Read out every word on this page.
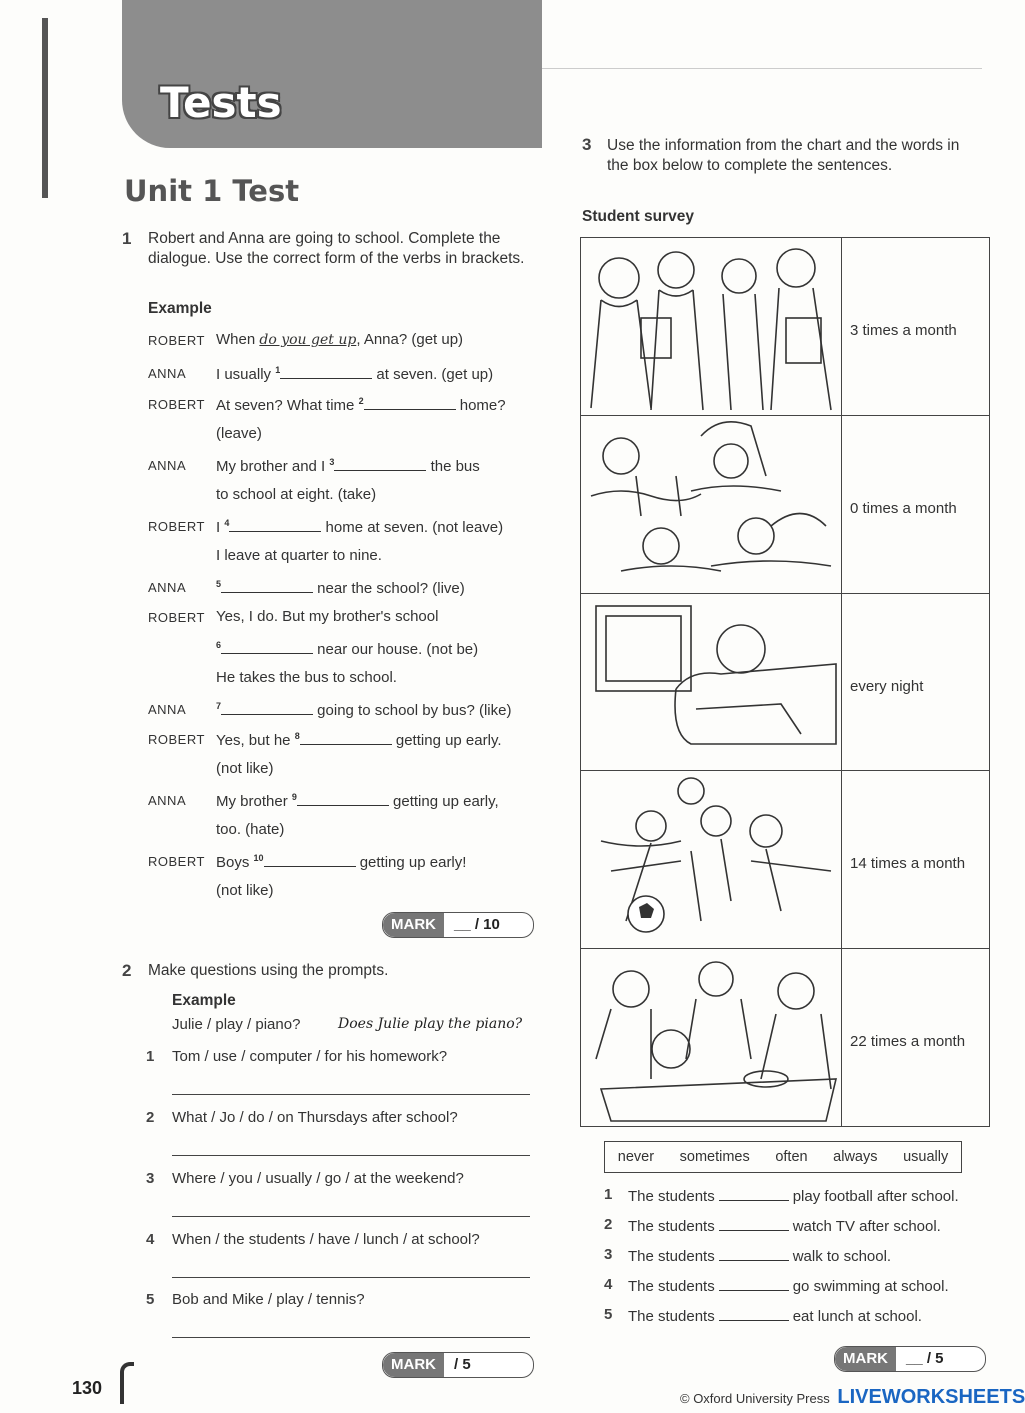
Tests
Unit 1 Test
1 Robert and Anna are going to school. Complete the dialogue. Use the correct form of the verbs in brackets.
Example
ROBERT When do you get up, Anna? (get up)
ANNA I usually $^1$	at seven. (get up)
ROBERT At seven? What time $^2$	home?
(leave)
ANNA My brother and I $^3$	the bus
to school at eight. (take)
ROBERT I $^4$	home at seven. (not leave)
I leave at quarter to nine.
ANNA	$^5$	near the school? (live)
ROBERT Yes, I do. But my brother's school
$^6$	near our house. (not be)
He takes the bus to school.
ANNA	$^7$	going to school by bus? (like)
ROBERT Yes, but he $^8$	getting up early.
(not like)
ANNA My brother $^9$	getting up early,
too. (hate)
ROBERT Boys $^{10}$	getting up early!
(not like)
MARK	__ / 10
2 Make questions using the prompts.
Example
Julie / play / piano?	Does Julie play the piano?
1 Tom / use / computer / for his homework?
2 What / Jo / do / on Thursdays after school?
3 Where / you / usually / go / at the weekend?
4 When / the students / have / lunch / at school?
5 Bob and Mike / play / tennis?
MARK	/ 5
3 Use the information from the chart and the words in the box below to complete the sentences.
Student survey
3 times a month
0 times a month
every night
14 times a month
22 times a month
never sometimes often always usually
1 The students	play football after school.
2 The students	watch TV after school.
3 The students	walk to school.
4 The students	go swimming at school.
5 The students	eat lunch at school.
MARK	__ / 5
130
© Oxford University Press LIVEWORKSHEETS
